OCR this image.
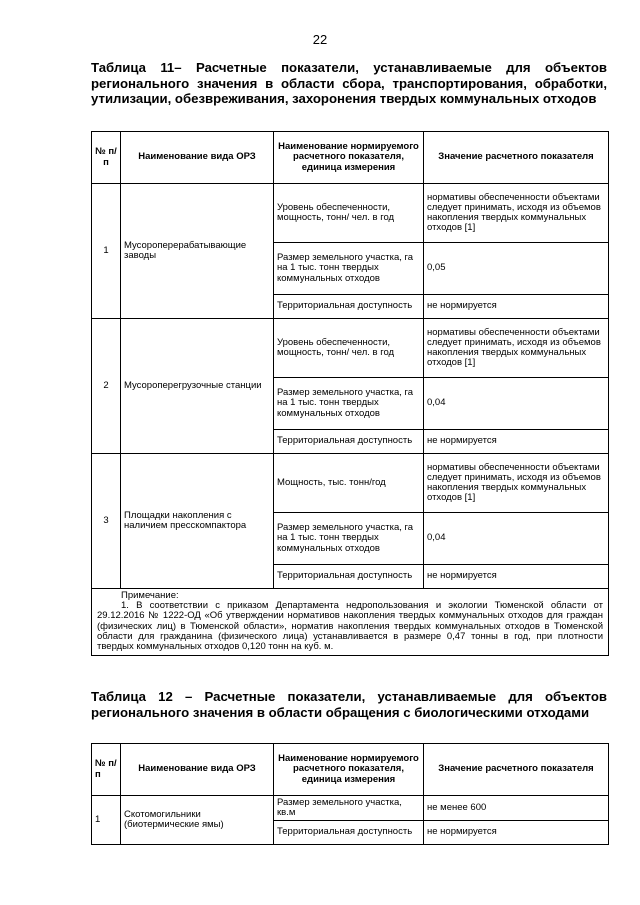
22
Таблица 11– Расчетные показатели, устанавливаемые для объектов регионального значения в области сбора, транспортирования, обработки, утилизации, обезвреживания, захоронения твердых коммунальных отходов
№ п/п	Наименование вида ОРЗ	Наименование нормируемого расчетного показателя, единица измерения	Значение расчетного показателя
1	Мусороперерабатывающие заводы	Уровень обеспеченности, мощность, тонн/ чел. в год	нормативы обеспеченности объектами следует принимать, исходя из объемов накопления твердых коммунальных отходов [1]
		Размер земельного участка, га на 1 тыс. тонн твердых коммунальных отходов	0,05
		Территориальная доступность	не нормируется
2	Мусороперегрузочные станции	Уровень обеспеченности, мощность, тонн/ чел. в год	нормативы обеспеченности объектами следует принимать, исходя из объемов накопления твердых коммунальных отходов [1]
		Размер земельного участка, га на 1 тыс. тонн твердых коммунальных отходов	0,04
		Территориальная доступность	не нормируется
3	Площадки накопления с наличием пресскомпактора	Мощность, тыс. тонн/год	нормативы обеспеченности объектами следует принимать, исходя из объемов накопления твердых коммунальных отходов [1]
		Размер земельного участка, га на 1 тыс. тонн твердых коммунальных отходов	0,04
		Территориальная доступность	не нормируется

Примечание:
1. В соответствии с приказом Департамента недропользования и экологии Тюменской области от 29.12.2016 № 1222-ОД «Об утверждении нормативов накопления твердых коммунальных отходов для граждан (физических лиц) в Тюменской области», норматив накопления твердых коммунальных отходов в Тюменской области для гражданина (физического лица) устанавливается в размере 0,47 тонны в год, при плотности твердых коммунальных отходов 0,120 тонн на куб. м.			
Таблица 12 – Расчетные показатели, устанавливаемые для объектов регионального значения в области обращения с биологическими отходами
№ п/п	Наименование вида ОРЗ	Наименование нормируемого расчетного показателя, единица измерения	Значение расчетного показателя
1	Скотомогильники (биотермические ямы)	Размер земельного участка, кв.м	не менее 600
		Территориальная доступность	не нормируется
